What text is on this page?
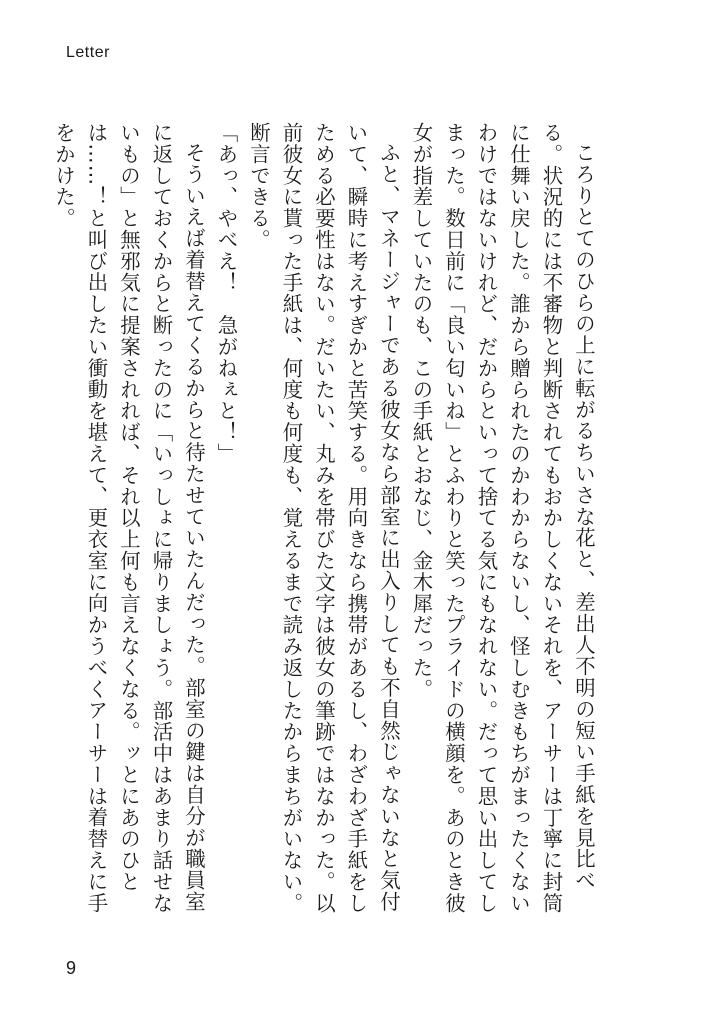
Letter

ころりとてのひらの上に転がるちいさな花と、差出人不明の短い手紙を見比べる。状況的には不審物と判断されてもおかしくないそれを、アーサーは丁寧に封筒に仕舞い戻した。誰から贈られたのかわからないし、怪しむきもちがまったくないわけではないけれど、だからといって捨てる気にもなれない。だって思い出してしまった。数日前に「良い匂いね」とふわりと笑ったプライドの横顔を。あのとき彼女が指差していたのも、この手紙とおなじ、金木犀だった。

ふと、マネージャーである彼女なら部室に出入りしても不自然じゃないなと気付いて、瞬時に考えすぎかと苦笑する。用向きなら携帯があるし、わざわざ手紙をしためる必要性はない。だいたい、丸みを帯びた文字は彼女の筆跡ではなかった。以前彼女に貰った手紙は、何度も何度も、覚えるまで読み返したからまちがいない。断言できる。

「あっ、やべえ！　急がねぇと！」

そういえば着替えてくるからと待たせていたんだった。部室の鍵は自分が職員室に返しておくからと断ったのに「いっしょに帰りましょう。部活中はあまり話せないもの」と無邪気に提案されれば、それ以上何も言えなくなる。ッとにあのひとは……！と叫び出したい衝動を堪えて、更衣室に向かうべくアーサーは着替えに手をかけた。

9
